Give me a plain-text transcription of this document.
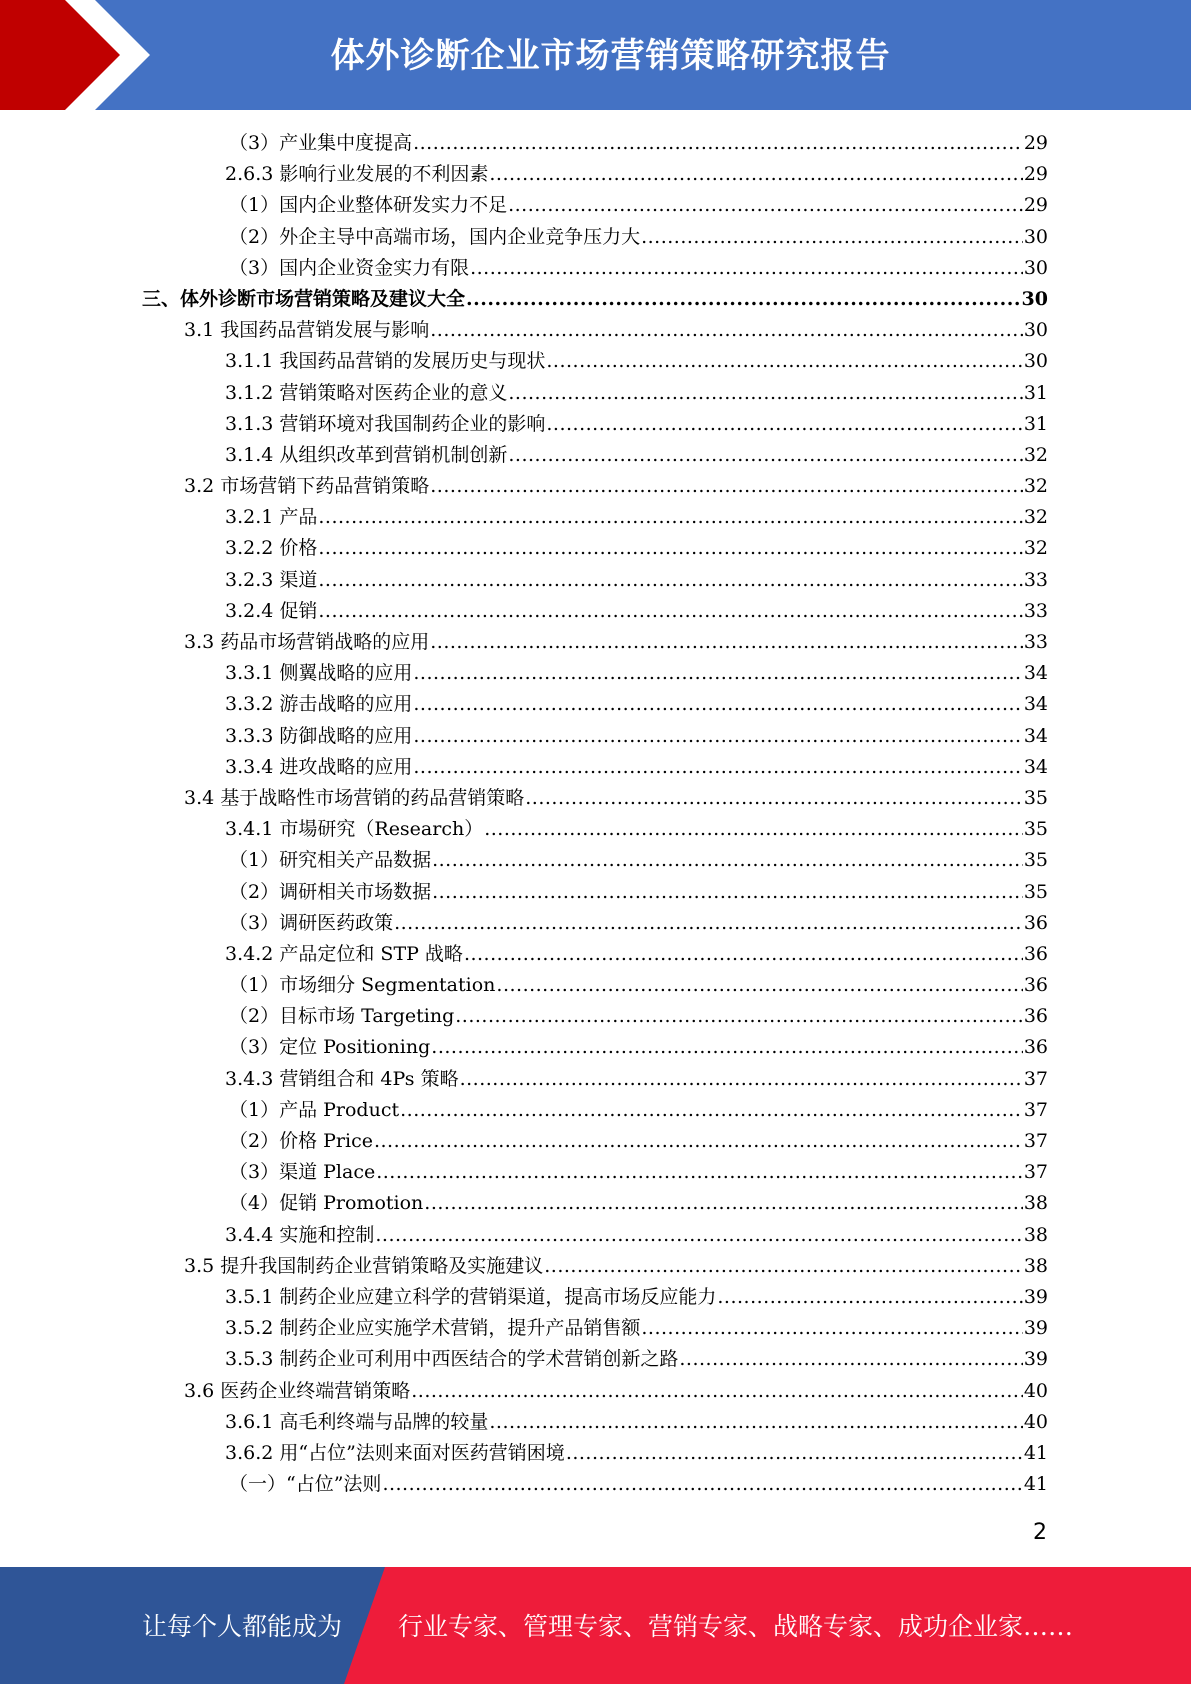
体外诊断企业市场营销策略研究报告
（3）产业集中度提高 .....	29
2.6.3 影响行业发展的不利因素 .....	29
（1）国内企业整体研发实力不足 .....	29
（2）外企主导中高端市场，国内企业竞争压力大 .....	30
（3）国内企业资金实力有限 .....	30
三、体外诊断市场营销策略及建议大全 .....	30
3.1 我国药品营销发展与影响 .....	30
3.1.1 我国药品营销的发展历史与现状 .....	30
3.1.2 营销策略对医药企业的意义 .....	31
3.1.3 营销环境对我国制药企业的影响 .....	31
3.1.4 从组织改革到营销机制创新 .....	32
3.2 市场营销下药品营销策略 .....	32
3.2.1 产品 .....	32
3.2.2 价格 .....	32
3.2.3 渠道 .....	33
3.2.4 促销 .....	33
3.3 药品市场营销战略的应用 .....	33
3.3.1 侧翼战略的应用 .....	34
3.3.2 游击战略的应用 .....	34
3.3.3 防御战略的应用 .....	34
3.3.4 进攻战略的应用 .....	34
3.4 基于战略性市场营销的药品营销策略 .....	35
3.4.1 市場研究（Research） .....	35
（1）研究相关产品数据 .....	35
（2）调研相关市场数据 .....	35
（3）调研医药政策 .....	36
3.4.2 产品定位和 STP 战略 .....	36
（1）市场细分 Segmentation .....	36
（2）目标市场 Targeting .....	36
（3）定位 Positioning .....	36
3.4.3 营销组合和 4Ps 策略 .....	37
（1）产品 Product .....	37
（2）价格 Price .....	37
（3）渠道 Place .....	37
（4）促销 Promotion .....	38
3.4.4 实施和控制 .....	38
3.5 提升我国制药企业营销策略及实施建议 .....	38
3.5.1 制药企业应建立科学的营销渠道，提高市场反应能力 .....	39
3.5.2 制药企业应实施学术营销，提升产品销售额 .....	39
3.5.3 制药企业可利用中西医结合的学术营销创新之路 .....	39
3.6 医药企业终端营销策略 .....	40
3.6.1 高毛利终端与品牌的较量 .....	40
3.6.2 用“占位”法则来面对医药营销困境 .....	41
（一）“占位”法则 .....	41
2
让每个人都能成为 行业专家、管理专家、营销专家、战略专家、成功企业家……
